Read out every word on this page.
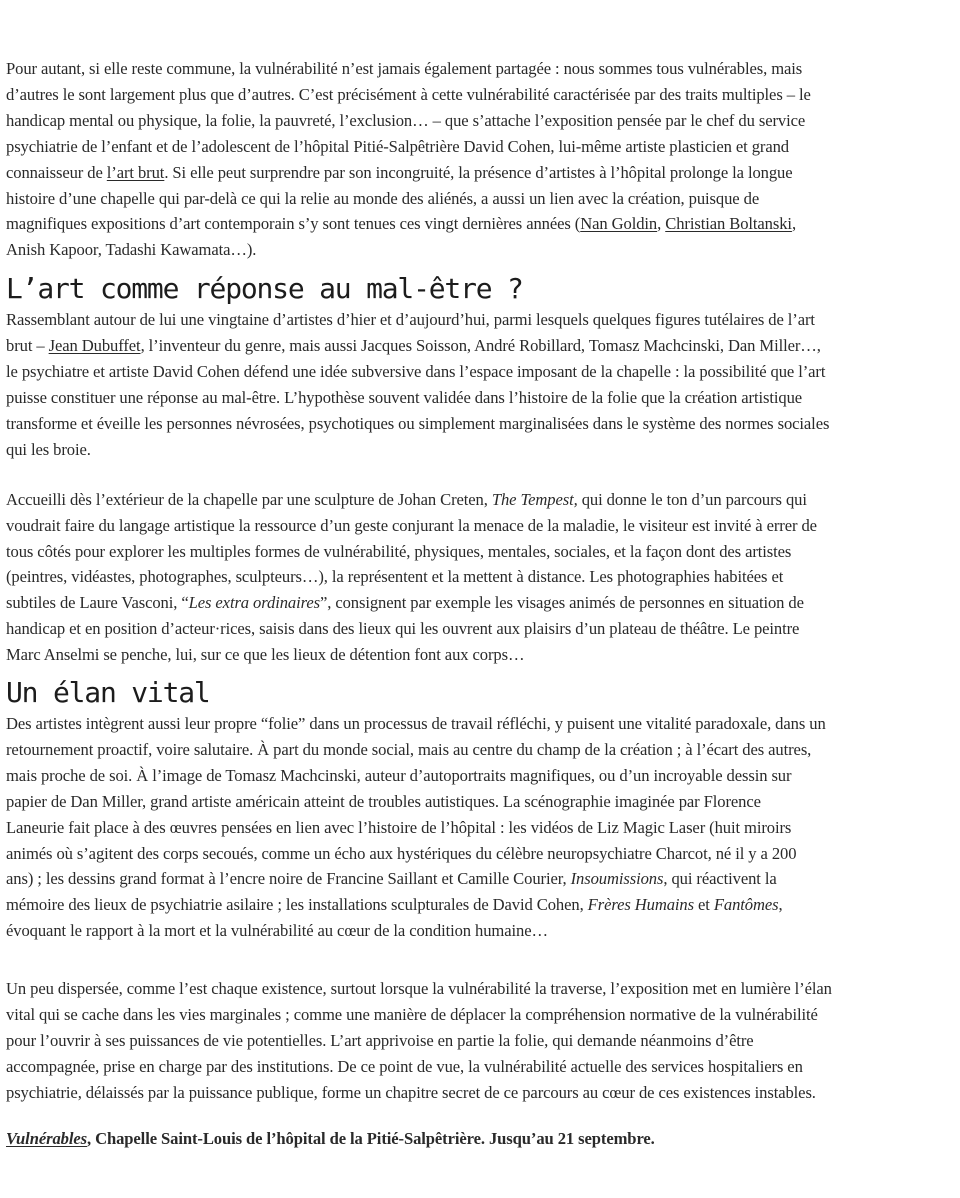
Pour autant, si elle reste commune, la vulnérabilité n’est jamais également partagée : nous sommes tous vulnérables, mais
d’autres le sont largement plus que d’autres. C’est précisément à cette vulnérabilité caractérisée par des traits multiples – le
handicap mental ou physique, la folie, la pauvreté, l’exclusion… – que s’attache l’exposition pensée par le chef du service
psychiatrie de l’enfant et de l’adolescent de l’hôpital Pitié-Salpêtrière David Cohen, lui-même artiste plasticien et grand
connaisseur de l’art brut. Si elle peut surprendre par son incongruité, la présence d’artistes à l’hôpital prolonge la longue
histoire d’une chapelle qui par-delà ce qui la relie au monde des aliénés, a aussi un lien avec la création, puisque de
magnifiques expositions d’art contemporain s’y sont tenues ces vingt dernières années (Nan Goldin, Christian Boltanski,
Anish Kapoor, Tadashi Kawamata…).

L’art comme réponse au mal-être ?

Rassemblant autour de lui une vingtaine d’artistes d’hier et d’aujourd’hui, parmi lesquels quelques figures tutélaires de l’art
brut – Jean Dubuffet, l’inventeur du genre, mais aussi Jacques Soisson, André Robillard, Tomasz Machcinski, Dan Miller…,
le psychiatre et artiste David Cohen défend une idée subversive dans l’espace imposant de la chapelle : la possibilité que l’art
puisse constituer une réponse au mal-être. L’hypothèse souvent validée dans l’histoire de la folie que la création artistique
transforme et éveille les personnes névrosées, psychotiques ou simplement marginalisées dans le système des normes sociales
qui les broie.

Accueilli dès l’extérieur de la chapelle par une sculpture de Johan Creten, The Tempest, qui donne le ton d’un parcours qui
voudrait faire du langage artistique la ressource d’un geste conjurant la menace de la maladie, le visiteur est invité à errer de
tous côtés pour explorer les multiples formes de vulnérabilité, physiques, mentales, sociales, et la façon dont des artistes
(peintres, vidéastes, photographes, sculpteurs…), la représentent et la mettent à distance. Les photographies habitées et
subtiles de Laure Vasconi, “Les extra ordinaires”, consignent par exemple les visages animés de personnes en situation de
handicap et en position d’acteur·rices, saisis dans des lieux qui les ouvrent aux plaisirs d’un plateau de théâtre. Le peintre
Marc Anselmi se penche, lui, sur ce que les lieux de détention font aux corps…

Un élan vital

Des artistes intègrent aussi leur propre “folie” dans un processus de travail réfléchi, y puisent une vitalité paradoxale, dans un
retournement proactif, voire salutaire. À part du monde social, mais au centre du champ de la création ; à l’écart des autres,
mais proche de soi. À l’image de Tomasz Machcinski, auteur d’autoportraits magnifiques, ou d’un incroyable dessin sur
papier de Dan Miller, grand artiste américain atteint de troubles autistiques. La scénographie imaginée par Florence
Laneurie fait place à des œuvres pensées en lien avec l’histoire de l’hôpital : les vidéos de Liz Magic Laser (huit miroirs
animés où s’agitent des corps secoués, comme un écho aux hystériques du célèbre neuropsychiatre Charcot, né il y a 200
ans) ; les dessins grand format à l’encre noire de Francine Saillant et Camille Courier, Insoumissions, qui réactivent la
mémoire des lieux de psychiatrie asilaire ; les installations sculpturales de David Cohen, Frères Humains et Fantômes,
évoquant le rapport à la mort et la vulnérabilité au cœur de la condition humaine…

Un peu dispersée, comme l’est chaque existence, surtout lorsque la vulnérabilité la traverse, l’exposition met en lumière l’élan
vital qui se cache dans les vies marginales ; comme une manière de déplacer la compréhension normative de la vulnérabilité
pour l’ouvrir à ses puissances de vie potentielles. L’art apprivoise en partie la folie, qui demande néanmoins d’être
accompagnée, prise en charge par des institutions. De ce point de vue, la vulnérabilité actuelle des services hospitaliers en
psychiatrie, délaissés par la puissance publique, forme un chapitre secret de ce parcours au cœur de ces existences instables.

Vulnérables, Chapelle Saint-Louis de l’hôpital de la Pitié-Salpêtrière. Jusqu’au 21 septembre.
